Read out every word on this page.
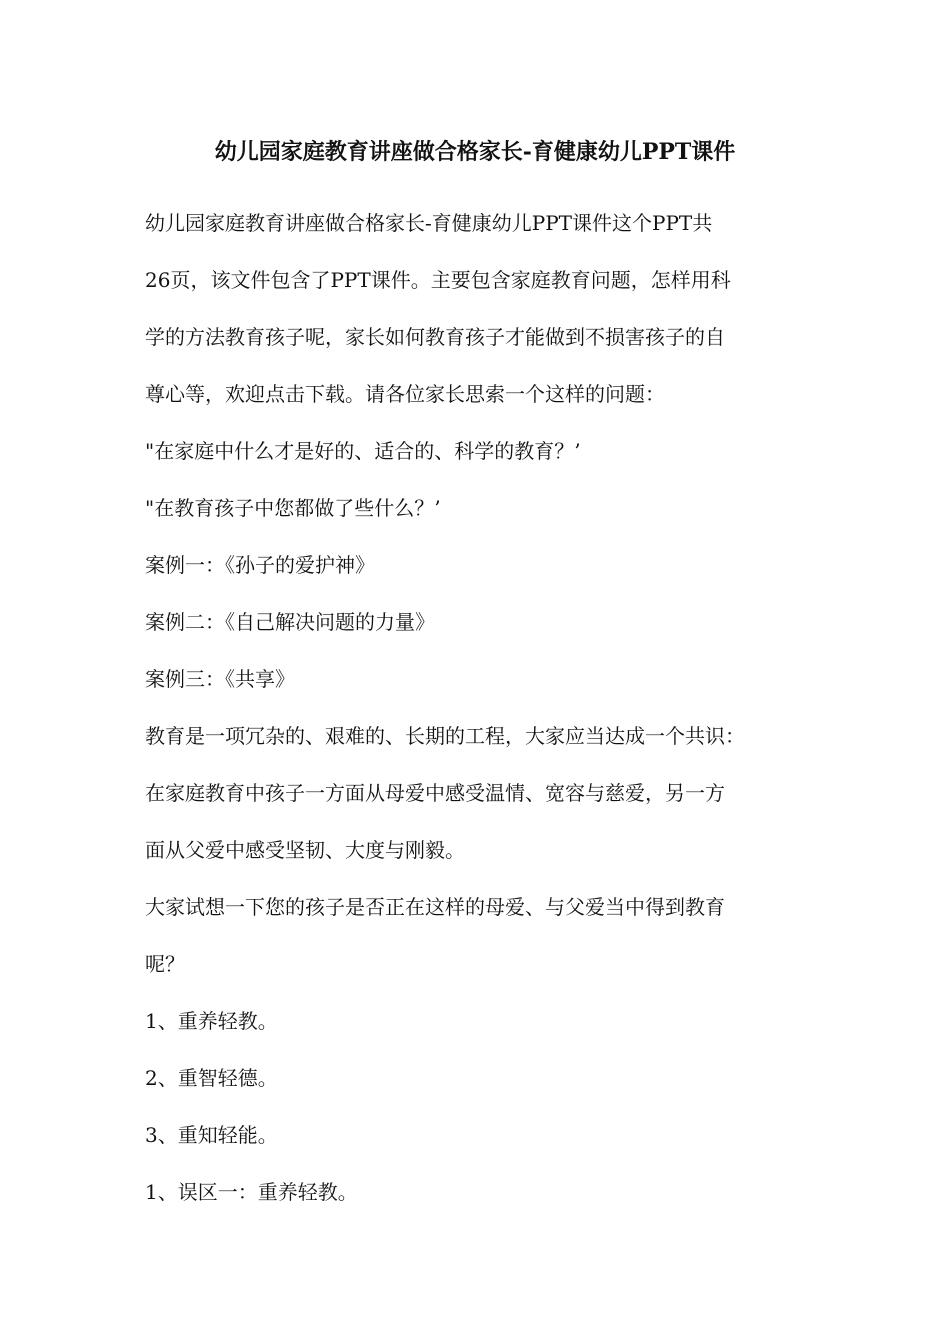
幼儿园家庭教育讲座做合格家长-育健康幼儿PPT课件
幼儿园家庭教育讲座做合格家长-育健康幼儿PPT课件这个PPT共
26页，该文件包含了PPT课件。主要包含家庭教育问题，怎样用科
学的方法教育孩子呢，家长如何教育孩子才能做到不损害孩子的自
尊心等，欢迎点击下载。请各位家长思索一个这样的问题：
"在家庭中什么才是好的、适合的、科学的教育？’
"在教育孩子中您都做了些什么？’
案例一：《孙子的爱护神》
案例二：《自己解决问题的力量》
案例三：《共享》
教育是一项冗杂的、艰难的、长期的工程，大家应当达成一个共识：
在家庭教育中孩子一方面从母爱中感受温情、宽容与慈爱，另一方
面从父爱中感受坚韧、大度与刚毅。
大家试想一下您的孩子是否正在这样的母爱、与父爱当中得到教育
呢？
1、重养轻教。
2、重智轻德。
3、重知轻能。
1、误区一：重养轻教。
